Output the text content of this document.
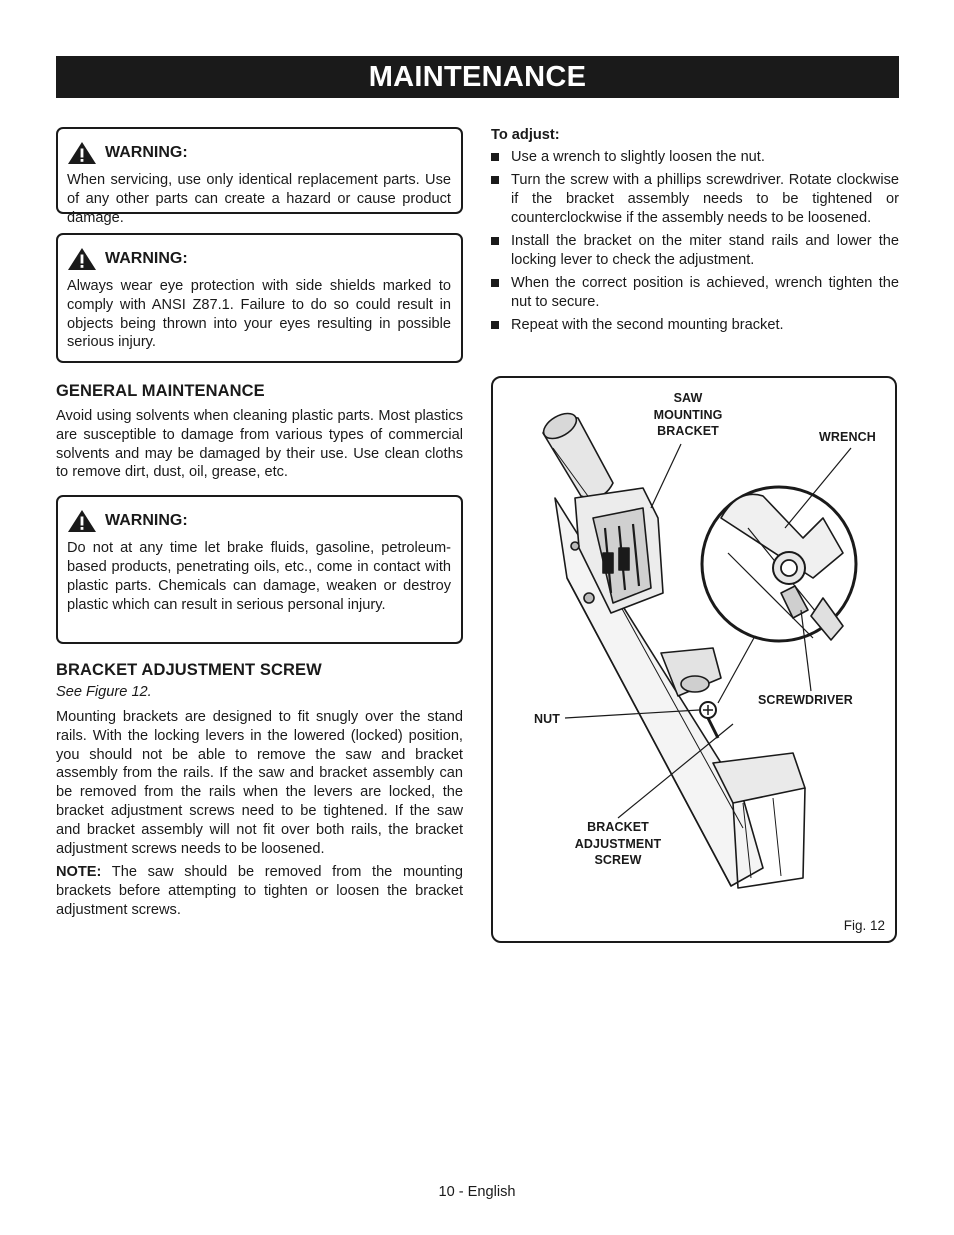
MAINTENANCE
WARNING:

When servicing, use only identical replacement parts. Use of any other parts can create a hazard or cause product damage.

WARNING:

Always wear eye protection with side shields marked to comply with ANSI Z87.1. Failure to do so could result in objects being thrown into your eyes resulting in possible serious injury.

GENERAL MAINTENANCE

Avoid using solvents when cleaning plastic parts. Most plastics are susceptible to damage from various types of commercial solvents and may be damaged by their use. Use clean cloths to remove dirt, dust, oil, grease, etc.

WARNING:

Do not at any time let brake fluids, gasoline, petroleum-based products, penetrating oils, etc., come in contact with plastic parts. Chemicals can damage, weaken or destroy plastic which can result in serious personal injury.

BRACKET ADJUSTMENT SCREW

See Figure 12.

Mounting brackets are designed to fit snugly over the stand rails. With the locking levers in the lowered (locked) position, you should not be able to remove the saw and bracket assembly from the rails. If the saw and bracket assembly can be removed from the rails when the levers are locked, the bracket adjustment screws need to be tightened. If the saw and bracket assembly will not fit over both rails, the bracket adjustment screws needs to be loosened.

NOTE: The saw should be removed from the mounting brackets before attempting to tighten or loosen the bracket adjustment screws.

To adjust:
Use a wrench to slightly loosen the nut.
Turn the screw with a phillips screwdriver. Rotate clockwise if the bracket assembly needs to be tightened or counterclockwise if the assembly needs to be loosened.
Install the bracket on the miter stand rails and lower the locking lever to check the adjustment.
When the correct position is achieved, wrench tighten the nut to secure.
Repeat with the second mounting bracket.
SAW
MOUNTING
BRACKET	WRENCH
SCREWDRIVER
NUT
BRACKET
ADJUSTMENT
SCREW
Fig. 12
10 - English
